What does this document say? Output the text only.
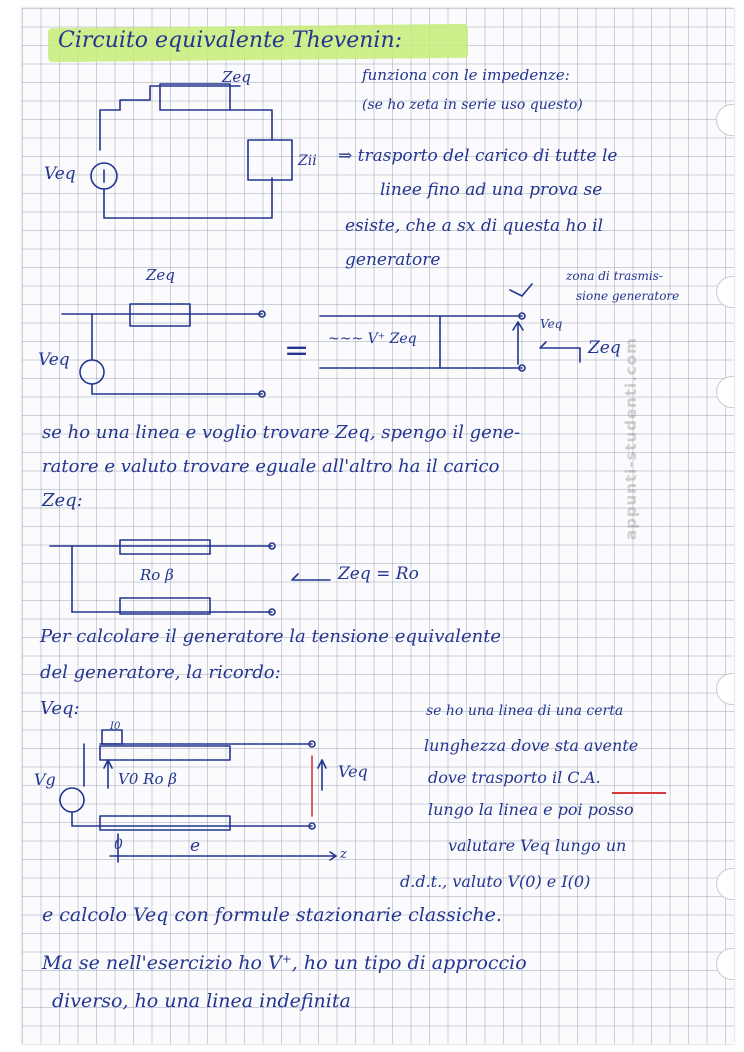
Circuito equivalente Thevenin:
appunti-studenti.com
Zeq
Veq
Zii
funziona con le impedenze:
(se ho zeta in serie uso questo)
⇒ trasporto del carico di tutte le
linee fino ad una prova se
esiste, che a sx di questa ho il
generatore
Zeq
Veq	= ~~~ V⁺ Zeq
zona di trasmis-
sione generatore
Veq
Zeq
se ho una linea e voglio trovare Zeq, spengo il gene-
ratore e valuto trovare eguale all'altro ha il carico
Zeq:
Ro β	Zeq = Ro
Per calcolare il generatore la tensione equivalente
del generatore, la ricordo:
Veq:
I0
V0 Ro β	Veq
Vg
0	e	z
se ho una linea di una certa
lunghezza dove sta avente
dove trasporto il C.A.
lungo la linea e poi posso
valutare Veq lungo un
d.d.t., valuto V(0) e I(0)
e calcolo Veq con formule stazionarie classiche.
Ma se nell'esercizio ho V⁺, ho un tipo di approccio
diverso, ho una linea indefinita
